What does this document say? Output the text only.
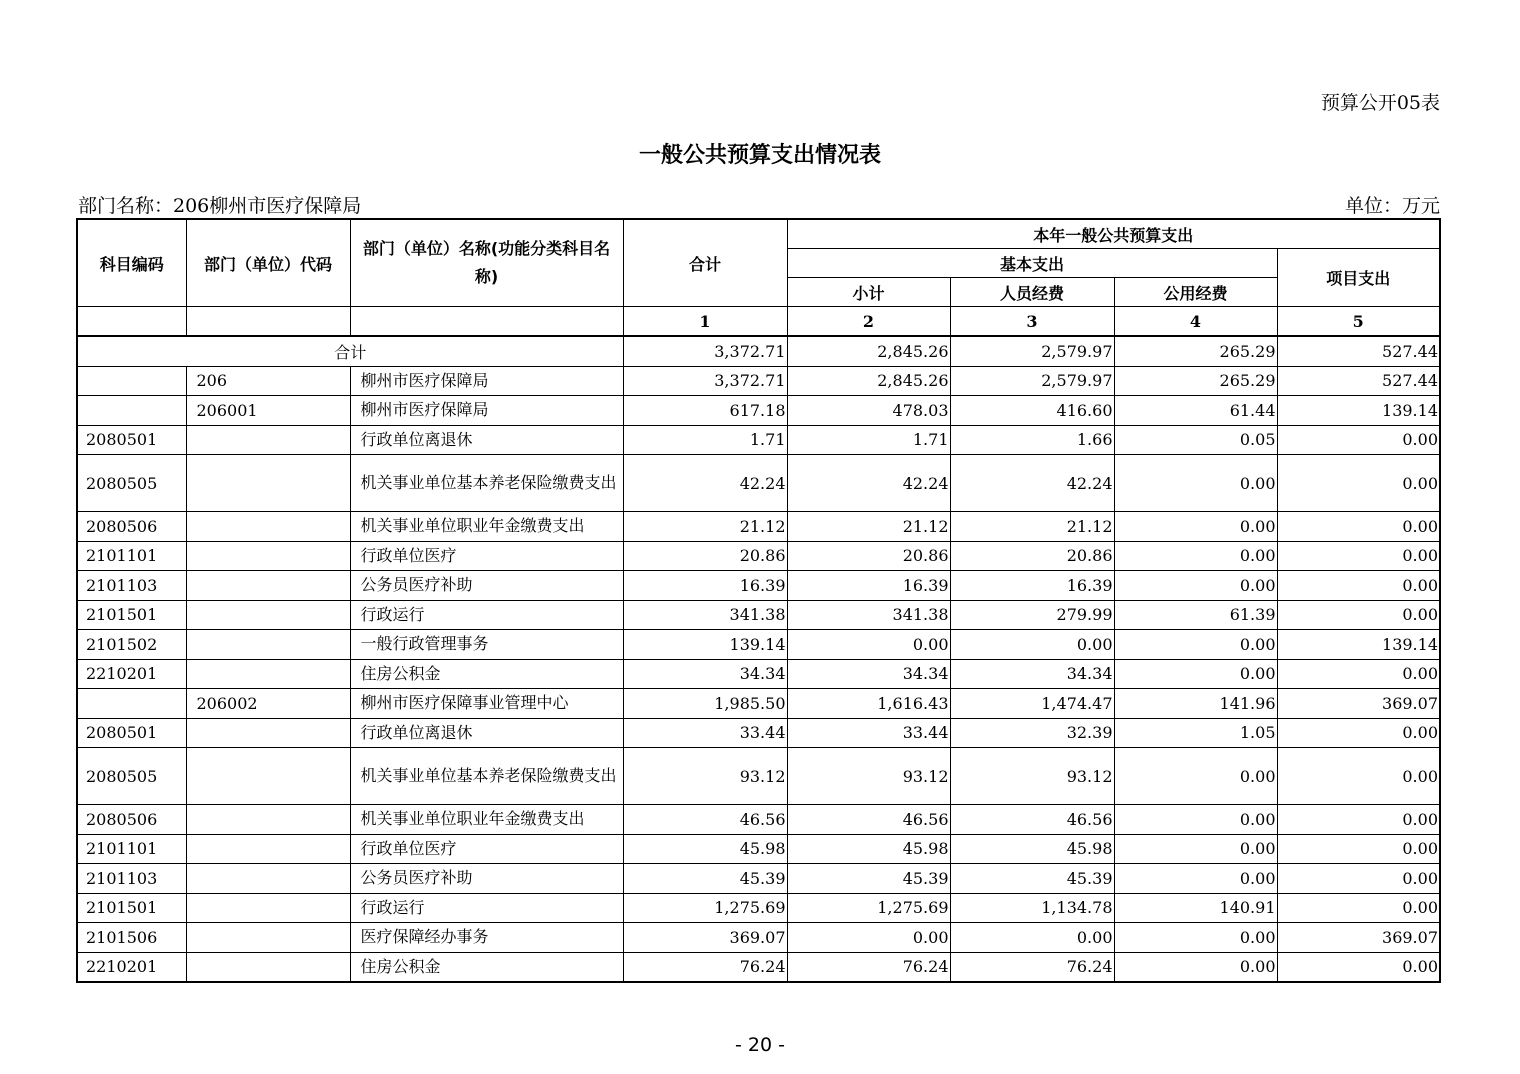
预算公开05表
一般公共预算支出情况表
部门名称：206柳州市医疗保障局	单位：万元
科目编码	部门（单位）代码	部门（单位）名称(功能分类科目名称)	合计	本年一般公共预算支出			
				基本支出			项目支出
				小计	人员经费	公用经费	
			1	2	3	4	5
合计			3,372.71	2,845.26	2,579.97	265.29	527.44
	206	柳州市医疗保障局	3,372.71	2,845.26	2,579.97	265.29	527.44
	206001	柳州市医疗保障局	617.18	478.03	416.60	61.44	139.14
2080501		行政单位离退休	1.71	1.71	1.66	0.05	0.00
2080505		机关事业单位基本养老保险缴费支出	42.24	42.24	42.24	0.00	0.00
2080506		机关事业单位职业年金缴费支出	21.12	21.12	21.12	0.00	0.00
2101101		行政单位医疗	20.86	20.86	20.86	0.00	0.00
2101103		公务员医疗补助	16.39	16.39	16.39	0.00	0.00
2101501		行政运行	341.38	341.38	279.99	61.39	0.00
2101502		一般行政管理事务	139.14	0.00	0.00	0.00	139.14
2210201		住房公积金	34.34	34.34	34.34	0.00	0.00
	206002	柳州市医疗保障事业管理中心	1,985.50	1,616.43	1,474.47	141.96	369.07
2080501		行政单位离退休	33.44	33.44	32.39	1.05	0.00
2080505		机关事业单位基本养老保险缴费支出	93.12	93.12	93.12	0.00	0.00
2080506		机关事业单位职业年金缴费支出	46.56	46.56	46.56	0.00	0.00
2101101		行政单位医疗	45.98	45.98	45.98	0.00	0.00
2101103		公务员医疗补助	45.39	45.39	45.39	0.00	0.00
2101501		行政运行	1,275.69	1,275.69	1,134.78	140.91	0.00
2101506		医疗保障经办事务	369.07	0.00	0.00	0.00	369.07
2210201		住房公积金	76.24	76.24	76.24	0.00	0.00
- 20 -
